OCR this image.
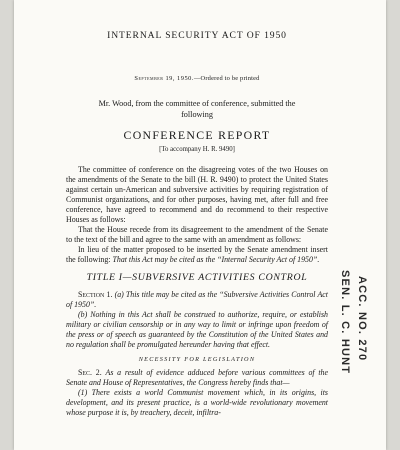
INTERNAL SECURITY ACT OF 1950
September 19, 1950.—Ordered to be printed
Mr. Wood, from the committee of conference, submitted the
following
CONFERENCE REPORT
[To accompany H. R. 9490]

The committee of conference on the disagreeing votes of the two Houses on the amendments of the Senate to the bill (H. R. 9490) to protect the United States against certain un-American and subversive activities by requiring registration of Communist organizations, and for other purposes, having met, after full and free conference, have agreed to recommend and do recommend to their respective Houses as follows:

That the House recede from its disagreement to the amendment of the Senate to the text of the bill and agree to the same with an amendment as follows:

In lieu of the matter proposed to be inserted by the Senate amendment insert the following: That this Act may be cited as the “Internal Security Act of 1950”.

TITLE I—SUBVERSIVE ACTIVITIES CONTROL

Section 1. (a) This title may be cited as the “Subversive Activities Control Act of 1950”.

(b) Nothing in this Act shall be construed to authorize, require, or establish military or civilian censorship or in any way to limit or infringe upon freedom of the press or of speech as guaranteed by the Constitution of the United States and no regulation shall be promulgated hereunder having that effect.

NECESSITY FOR LEGISLATION

Sec. 2. As a result of evidence adduced before various committees of the Senate and House of Representatives, the Congress hereby finds that—

(1) There exists a world Communist movement which, in its origins, its development, and its present practice, is a world-wide revolutionary movement whose purpose it is, by treachery, deceit, infiltra-

SEN. L. C. HUNT ACC. NO. 270
